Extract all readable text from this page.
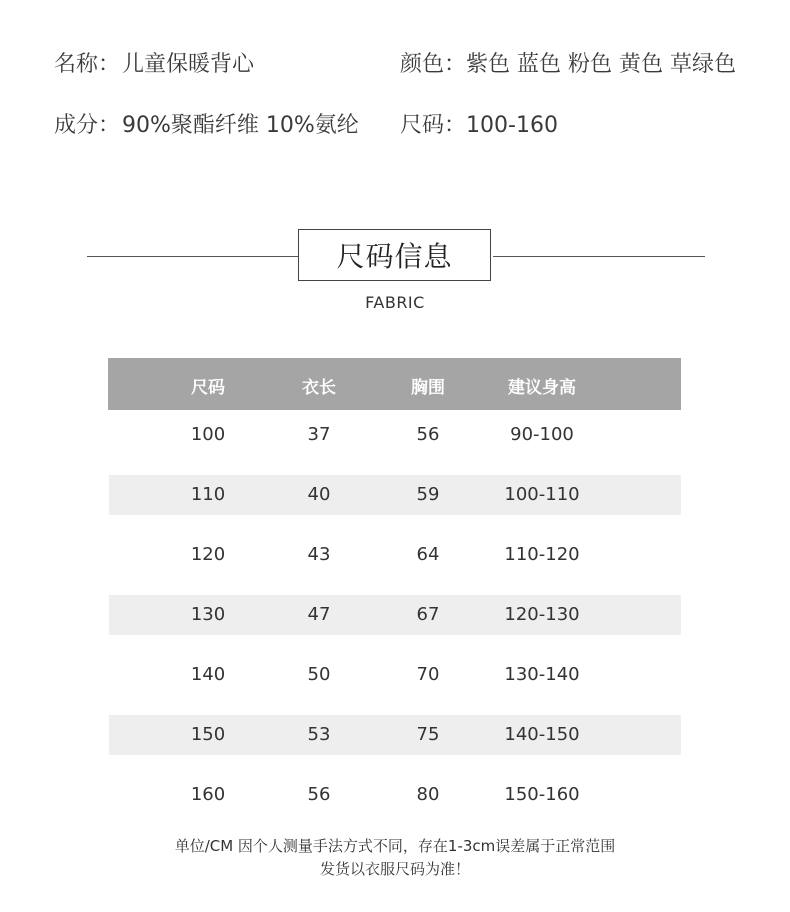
名称：儿童保暖背心	颜色：紫色 蓝色 粉色 黄色 草绿色
成分：90%聚酯纤维 10%氨纶 尺码：100-160
尺码信息
FABRIC
尺码	衣长	胸围	建议身高
100	37	56	90-100
110	40	59	100-110
120	43	64	110-120
130	47	67	120-130
140	50	70	130-140
150	53	75	140-150
160	56	80	150-160
单位/CM 因个人测量手法方式不同，存在1-3cm误差属于正常范围
发货以衣服尺码为准！
